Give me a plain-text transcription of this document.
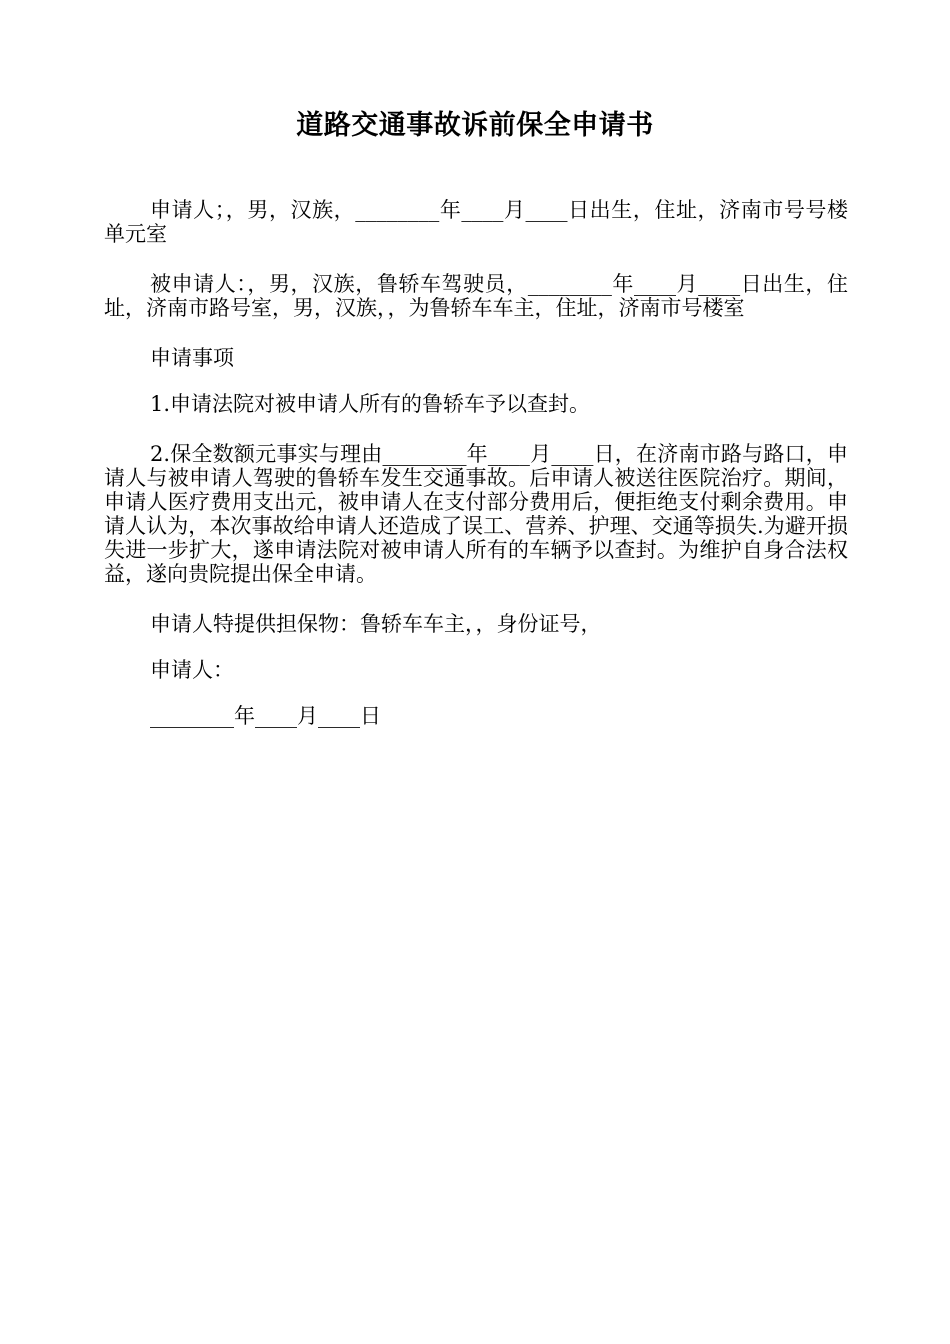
道路交通事故诉前保全申请书

申请人；，男，汉族，________年____月____日出生，住址，济南市号号楼单元室

被申请人：，男，汉族，鲁轿车驾驶员，________年____月____日出生，住址，济南市路号室，男，汉族，，为鲁轿车车主，住址，济南市号楼室

申请事项

1.申请法院对被申请人所有的鲁轿车予以查封。

2.保全数额元事实与理由________年____月____日，在济南市路与路口，申请人与被申请人驾驶的鲁轿车发生交通事故。后申请人被送往医院治疗。期间，申请人医疗费用支出元，被申请人在支付部分费用后，便拒绝支付剩余费用。申请人认为，本次事故给申请人还造成了误工、营养、护理、交通等损失.为避开损失进一步扩大，遂申请法院对被申请人所有的车辆予以查封。为维护自身合法权益，遂向贵院提出保全申请。

申请人特提供担保物：鲁轿车车主，，身份证号，

申请人：

________年____月____日
